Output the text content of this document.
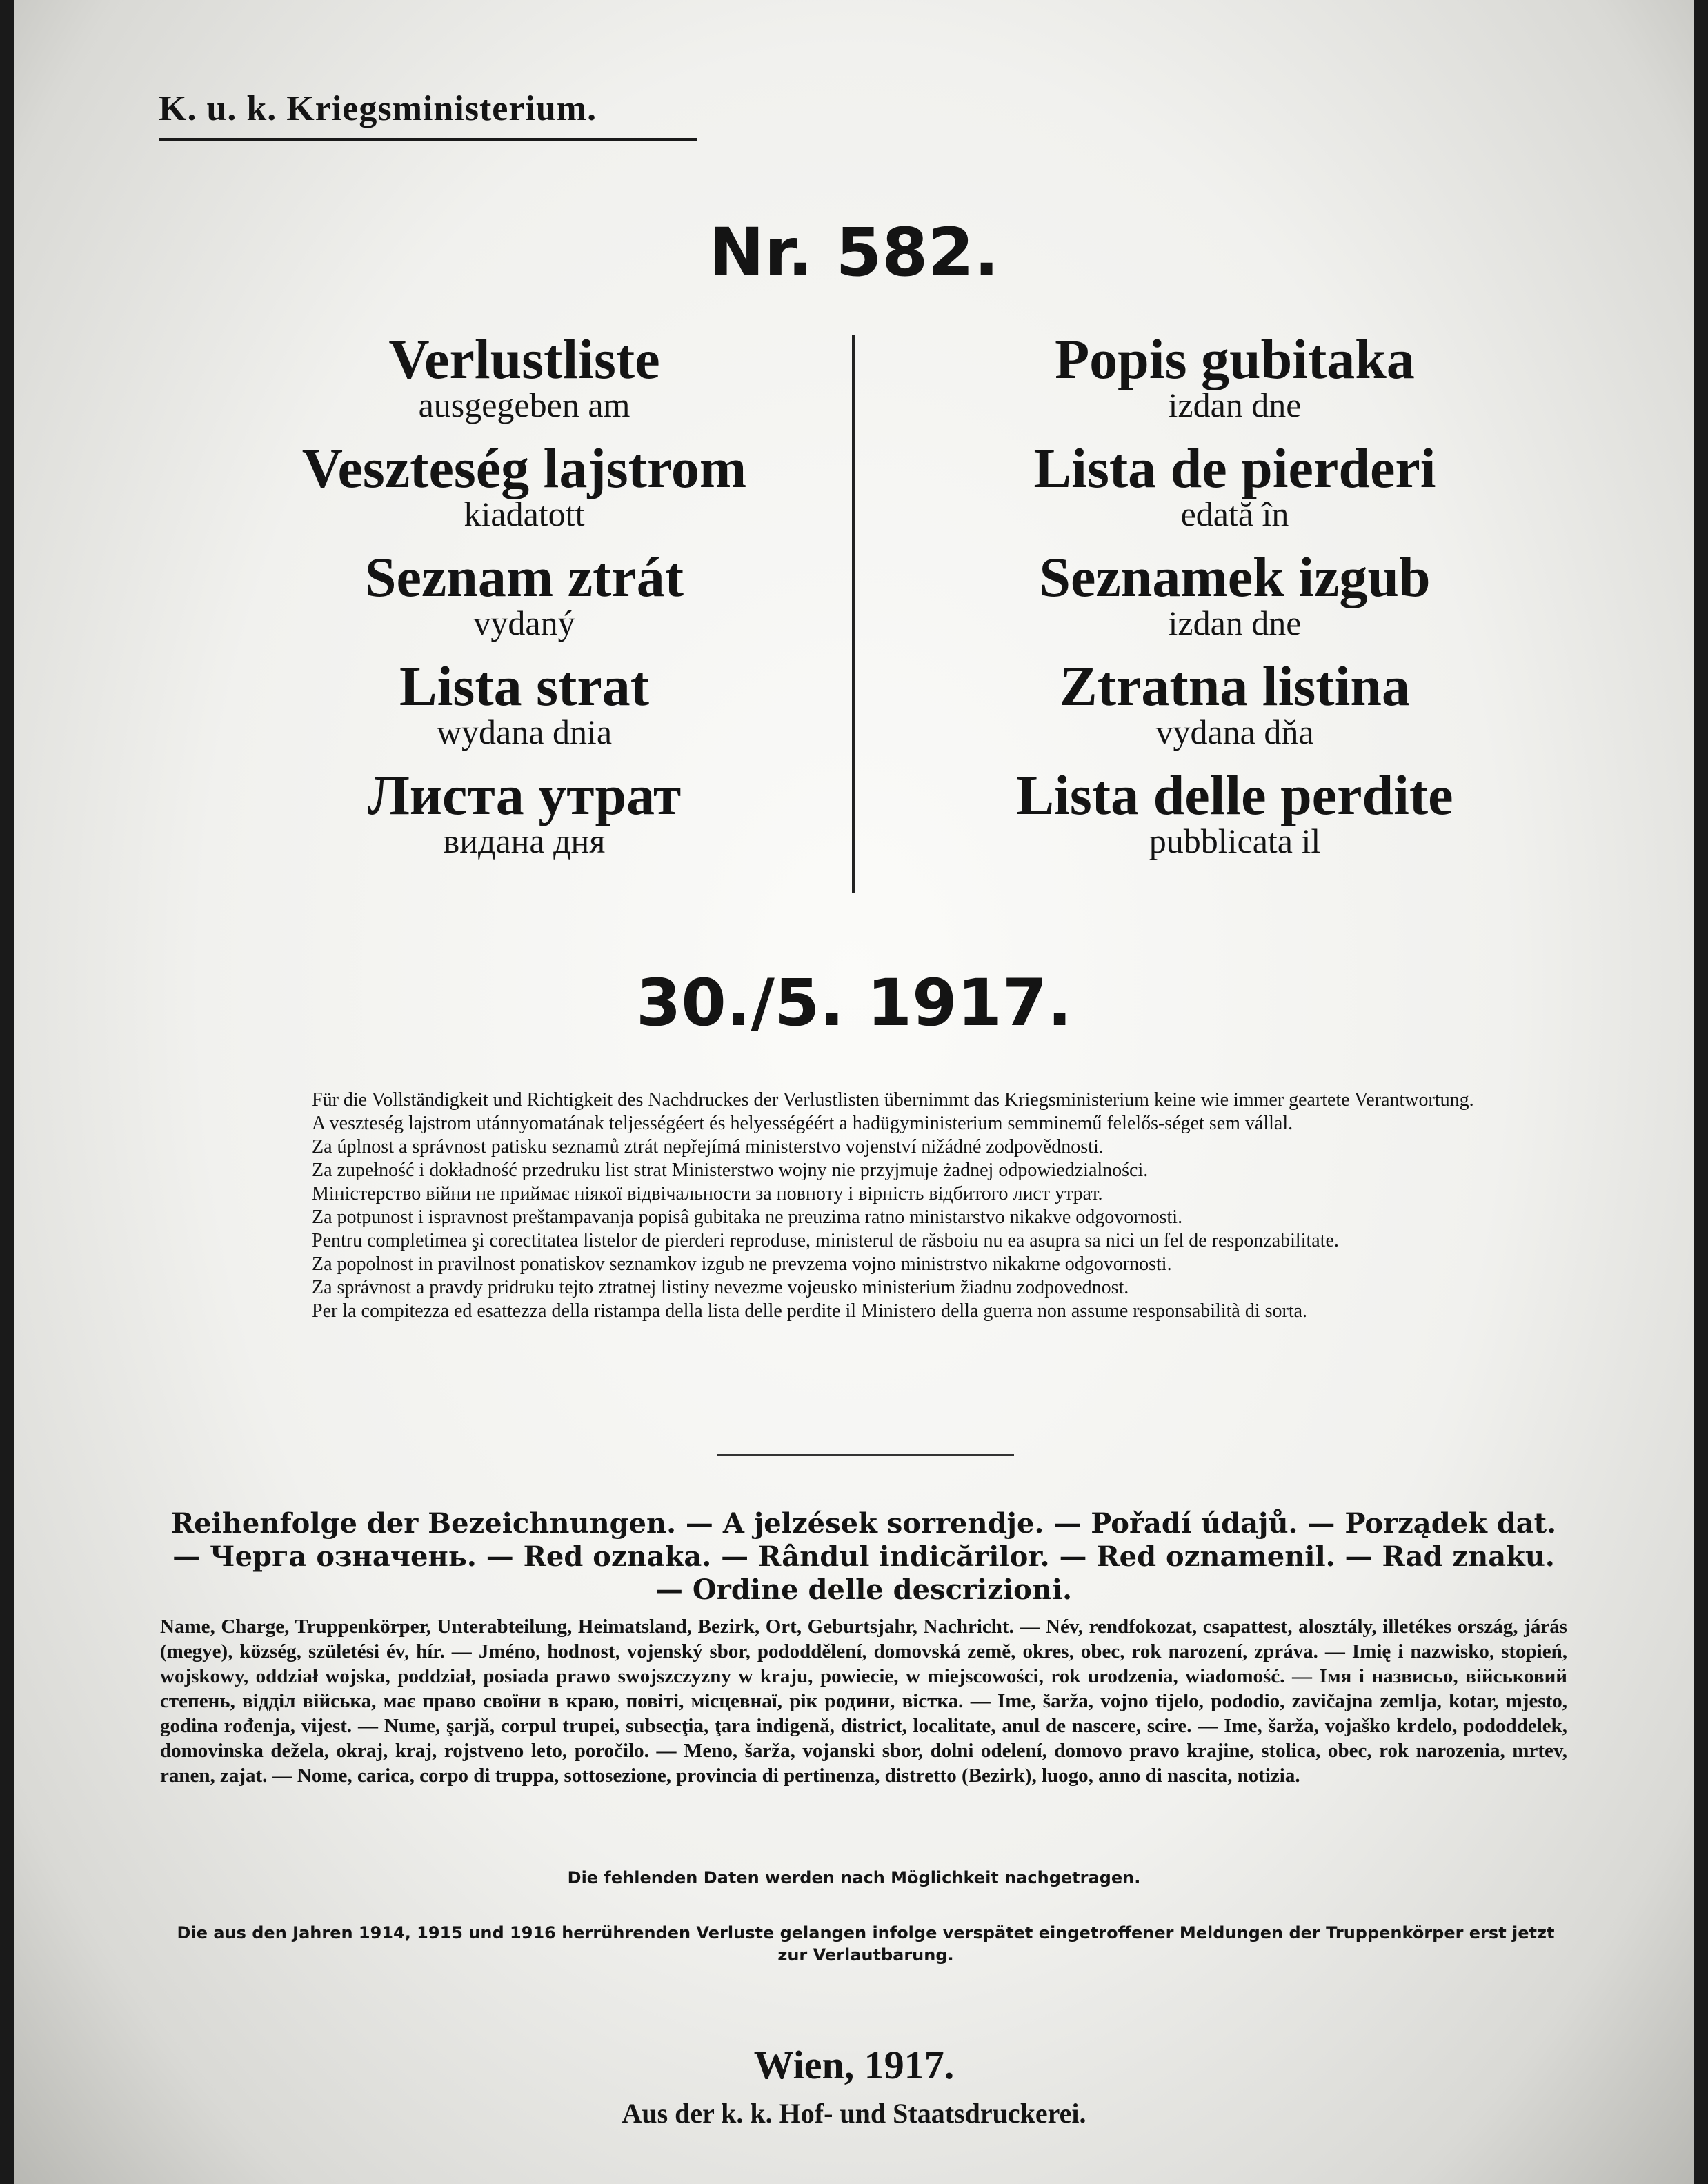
K. u. k. Kriegsministerium.
Nr. 582.
Verlustliste
ausgegeben am
Veszteség lajstrom
kiadatott
Seznam ztrát
vydaný
Lista strat
wydana dnia
Листа утрат
видана дня
Popis gubitaka
izdan dne
Lista de pierderi
edată în
Seznamek izgub
izdan dne
Ztratna listina
vydana dňa
Lista delle perdite
pubblicata il
30./5. 1917.

Für die Vollständigkeit und Richtigkeit des Nachdruckes der Verlustlisten übernimmt das Kriegsministerium keine wie immer geartete Verantwortung.

A veszteség lajstrom utánnyomatának teljességéert és helyességéért a hadügyministerium semminemű felelős-séget sem vállal.

Za úplnost a správnost patisku seznamů ztrát nepřejímá ministerstvo vojenství nižádné zodpovědnosti.

Za zupełność i dokładność przedruku list strat Ministerstwo wojny nie przyjmuje żadnej odpowiedzialności.

Міністерство війни не приймає ніякої відвічальности за повноту і вірність відбитого лист утрат.

Za potpunost i ispravnost preštampavanja popisâ gubitaka ne preuzima ratno ministarstvo nikakve odgovornosti.

Pentru completimea şi corectitatea listelor de pierderi reproduse, ministerul de răsboiu nu ea asupra sa nici un fel de responzabilitate.

Za popolnost in pravilnost ponatiskov seznamkov izgub ne prevzema vojno ministrstvo nikakrne odgovornosti.

Za správnost a pravdy pridruku tejto ztratnej listiny nevezme vojeusko ministerium žiadnu zodpovednost.

Per la compitezza ed esattezza della ristampa della lista delle perdite il Ministero della guerra non assume responsabilità di sorta.

Reihenfolge der Bezeichnungen. — A jelzések sorrendje. — Pořadí údajů. — Porządek dat. — Черга означень. — Red oznaka. — Rândul indicărilor. — Red oznamenil. — Rad znaku. — Ordine delle descrizioni.
Name, Charge, Truppenkörper, Unterabteilung, Heimatsland, Bezirk, Ort, Geburtsjahr, Nachricht. — Név, rendfokozat, csapattest, alosztály, illetékes ország, járás (megye), község, születési év, hír. — Jméno, hodnost, vojenský sbor, pododdělení, domovská země, okres, obec, rok narození, zpráva. — Imię i nazwisko, stopień, wojskowy, oddział wojska, poddział, posiada prawo swojszczyzny w kraju, powiecie, w miejscowości, rok urodzenia, wiadomość. — Імя і назвисьо, військовий степень, відділ війська, має право своїни в краю, повіті, місцевнаї, рік родини, вістка. — Ime, šarža, vojno tijelo, pododio, zavičajna zemlja, kotar, mjesto, godina rođenja, vijest. — Nume, şarjă, corpul trupei, subsecţia, ţara indigenă, district, localitate, anul de nascere, scire. — Ime, šarža, vojaško krdelo, pododdelek, domovinska dežela, okraj, kraj, rojstveno leto, poročilo. — Meno, šarža, vojanski sbor, dolni odelení, domovo pravo krajine, stolica, obec, rok narozenia, mrtev, ranen, zajat. — Nome, carica, corpo di truppa, sottosezione, provincia di pertinenza, distretto (Bezirk), luogo, anno di nascita, notizia.
Die fehlenden Daten werden nach Möglichkeit nachgetragen.
Die aus den Jahren 1914, 1915 und 1916 herrührenden Verluste gelangen infolge verspätet eingetroffener Meldungen der Truppenkörper erst jetzt zur Verlautbarung.
Wien, 1917.
Aus der k. k. Hof- und Staatsdruckerei.
